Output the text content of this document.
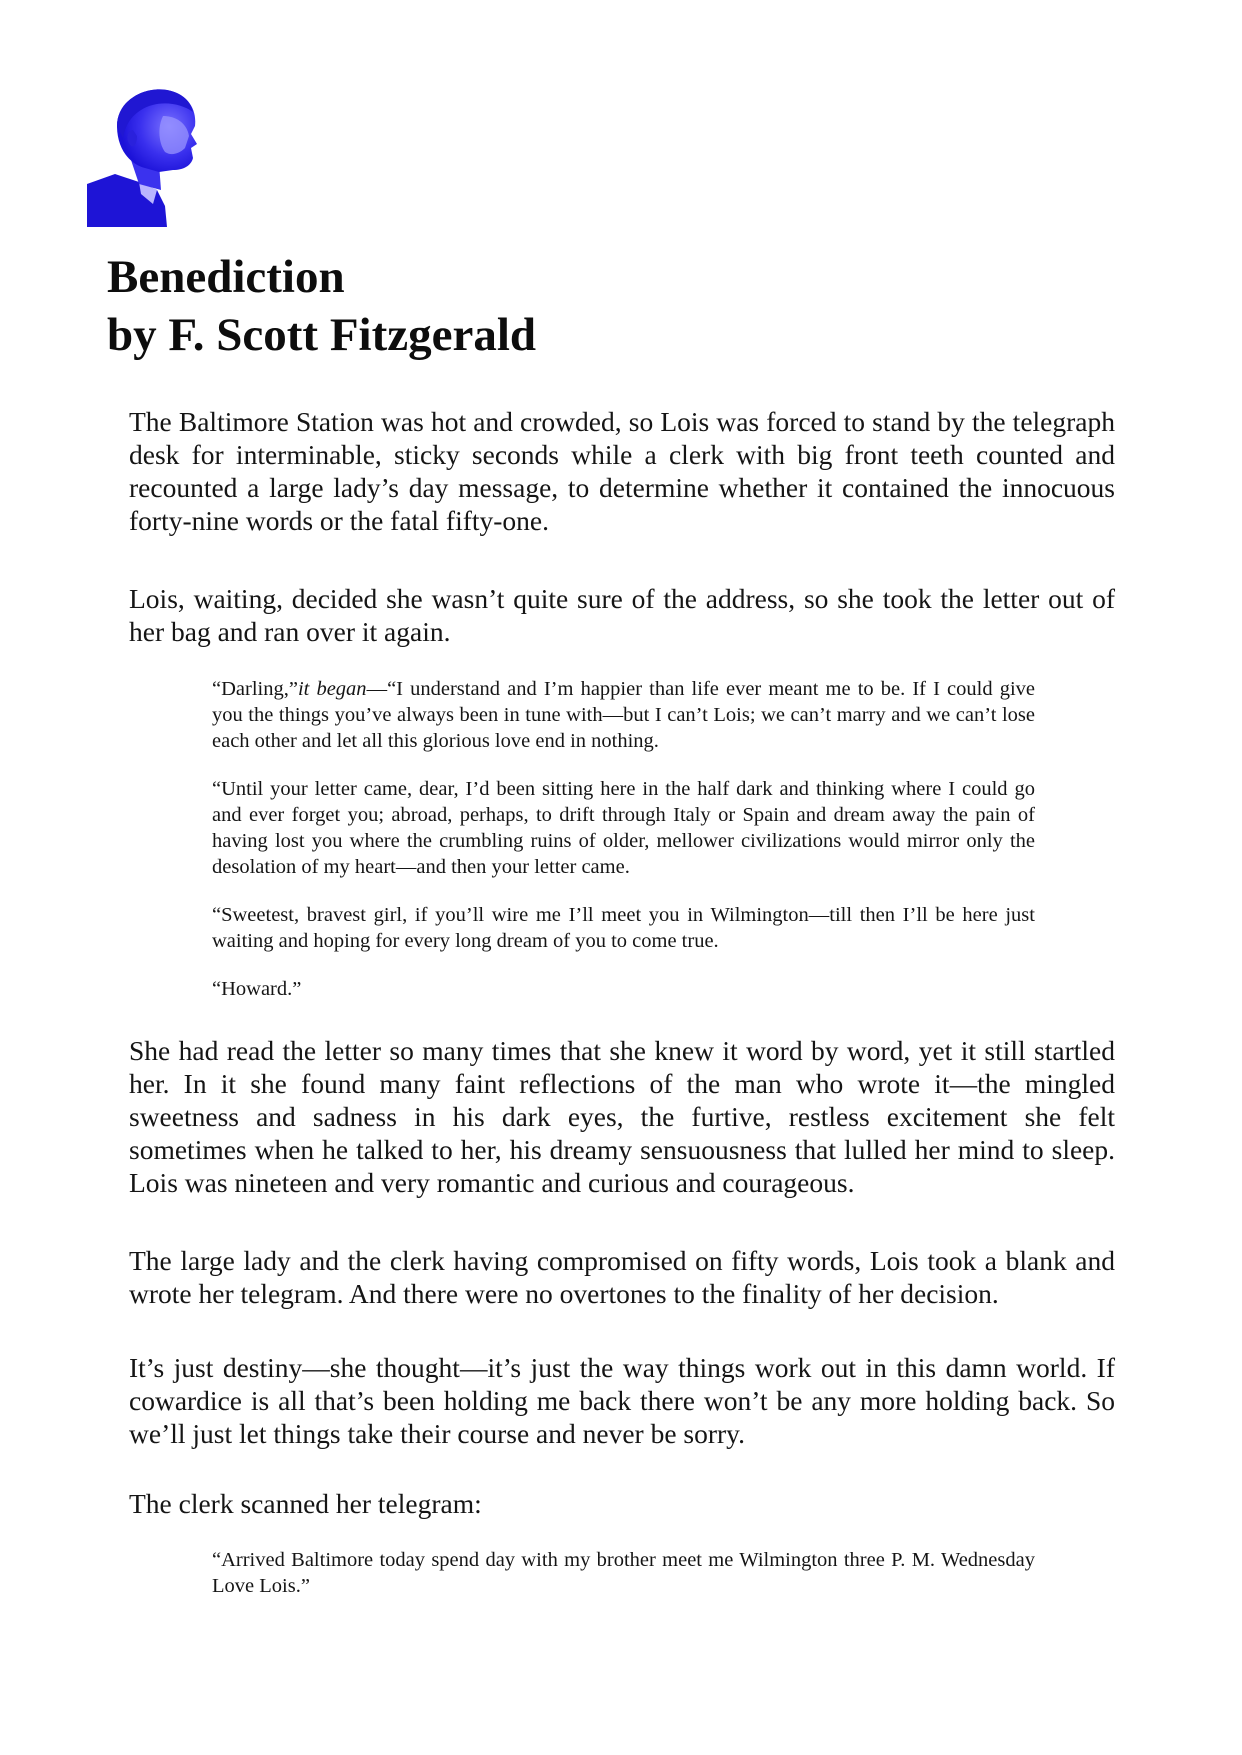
Benediction
by F. Scott Fitzgerald

The Baltimore Station was hot and crowded, so Lois was forced to stand by the telegraph desk for interminable, sticky seconds while a clerk with big front teeth counted and recounted a large lady’s day message, to determine whether it contained the innocuous forty-nine words or the fatal fifty-one.

Lois, waiting, decided she wasn’t quite sure of the address, so she took the letter out of her bag and ran over it again.

“Darling,”it began—“I understand and I’m happier than life ever meant me to be. If I could give you the things you’ve always been in tune with—but I can’t Lois; we can’t marry and we can’t lose each other and let all this glorious love end in nothing.

“Until your letter came, dear, I’d been sitting here in the half dark and thinking where I could go and ever forget you; abroad, perhaps, to drift through Italy or Spain and dream away the pain of having lost you where the crumbling ruins of older, mellower civilizations would mirror only the desolation of my heart—and then your letter came.

“Sweetest, bravest girl, if you’ll wire me I’ll meet you in Wilmington—till then I’ll be here just waiting and hoping for every long dream of you to come true.

“Howard.”

She had read the letter so many times that she knew it word by word, yet it still startled her. In it she found many faint reflections of the man who wrote it—the mingled sweetness and sadness in his dark eyes, the furtive, restless excitement she felt sometimes when he talked to her, his dreamy sensuousness that lulled her mind to sleep. Lois was nineteen and very romantic and curious and courageous.

The large lady and the clerk having compromised on fifty words, Lois took a blank and wrote her telegram. And there were no overtones to the finality of her decision.

It’s just destiny—she thought—it’s just the way things work out in this damn world. If cowardice is all that’s been holding me back there won’t be any more holding back. So we’ll just let things take their course and never be sorry.

The clerk scanned her telegram:

“Arrived Baltimore today spend day with my brother meet me Wilmington three P. M. Wednesday Love Lois.”
